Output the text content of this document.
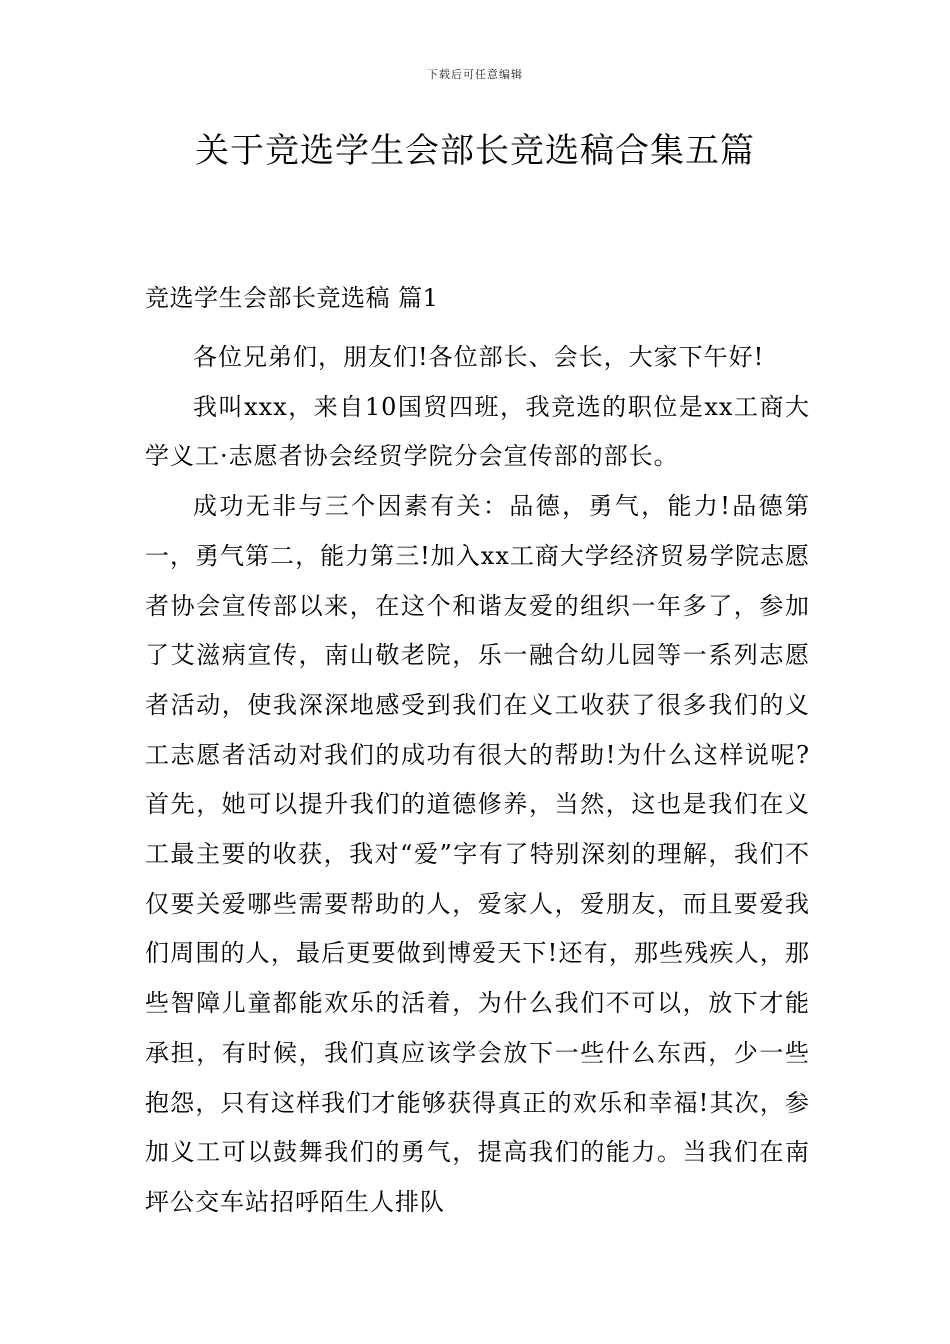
下载后可任意编辑
关于竞选学生会部长竞选稿合集五篇
竞选学生会部长竞选稿 篇1

各位兄弟们，朋友们!各位部长、会长，大家下午好!

我叫xxx，来自10国贸四班，我竞选的职位是xx工商大学义工·志愿者协会经贸学院分会宣传部的部长。

成功无非与三个因素有关：品德，勇气，能力!品德第一，勇气第二，能力第三!加入xx工商大学经济贸易学院志愿者协会宣传部以来，在这个和谐友爱的组织一年多了，参加了艾滋病宣传，南山敬老院，乐一融合幼儿园等一系列志愿者活动，使我深深地感受到我们在义工收获了很多我们的义工志愿者活动对我们的成功有很大的帮助!为什么这样说呢?首先，她可以提升我们的道德修养，当然，这也是我们在义工最主要的收获，我对“爱”字有了特别深刻的理解，我们不仅要关爱哪些需要帮助的人，爱家人，爱朋友，而且要爱我们周围的人，最后更要做到博爱天下!还有，那些残疾人，那些智障儿童都能欢乐的活着，为什么我们不可以，放下才能承担，有时候，我们真应该学会放下一些什么东西，少一些抱怨，只有这样我们才能够获得真正的欢乐和幸福!其次，参加义工可以鼓舞我们的勇气，提高我们的能力。当我们在南坪公交车站招呼陌生人排队
